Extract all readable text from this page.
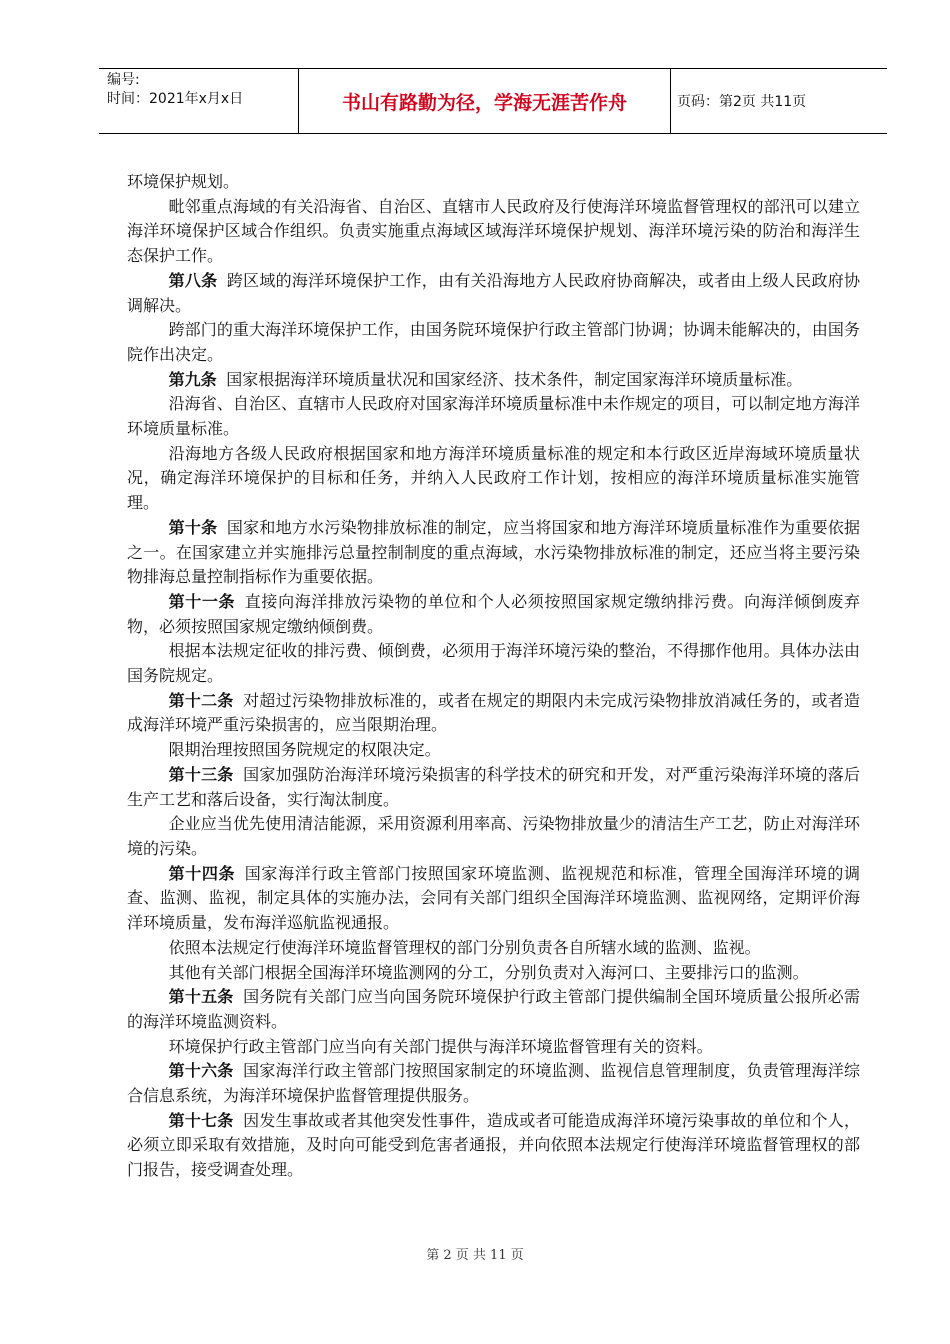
编号:
时间：2021年x月x日	书山有路勤为径，学海无涯苦作舟	页码：第2页 共11页

环境保护规划。

毗邻重点海域的有关沿海省、自治区、直辖市人民政府及行使海洋环境监督管理权的部汛可以建立海洋环境保护区域合作组织。负责实施重点海域区域海洋环境保护规划、海洋环境污染的防治和海洋生态保护工作。

第八条 跨区域的海洋环境保护工作，由有关沿海地方人民政府协商解决，或者由上级人民政府协调解决。

跨部门的重大海洋环境保护工作，由国务院环境保护行政主管部门协调；协调未能解决的，由国务院作出决定。

第九条 国家根据海洋环境质量状况和国家经济、技术条件，制定国家海洋环境质量标准。

沿海省、自治区、直辖市人民政府对国家海洋环境质量标准中未作规定的项目，可以制定地方海洋环境质量标准。

沿海地方各级人民政府根据国家和地方海洋环境质量标准的规定和本行政区近岸海域环境质量状况，确定海洋环境保护的目标和任务，并纳入人民政府工作计划，按相应的海洋环境质量标准实施管理。

第十条 国家和地方水污染物排放标准的制定，应当将国家和地方海洋环境质量标准作为重要依据之一。在国家建立并实施排污总量控制制度的重点海域，水污染物排放标准的制定，还应当将主要污染物排海总量控制指标作为重要依据。

第十一条 直接向海洋排放污染物的单位和个人必须按照国家规定缴纳排污费。向海洋倾倒废弃物，必须按照国家规定缴纳倾倒费。

根据本法规定征收的排污费、倾倒费，必须用于海洋环境污染的整治，不得挪作他用。具体办法由国务院规定。

第十二条 对超过污染物排放标准的，或者在规定的期限内未完成污染物排放消减任务的，或者造成海洋环境严重污染损害的，应当限期治理。

限期治理按照国务院规定的权限决定。

第十三条 国家加强防治海洋环境污染损害的科学技术的研究和开发，对严重污染海洋环境的落后生产工艺和落后设备，实行淘汰制度。

企业应当优先使用清洁能源，采用资源利用率高、污染物排放量少的清洁生产工艺，防止对海洋环境的污染。

第十四条 国家海洋行政主管部门按照国家环境监测、监视规范和标准，管理全国海洋环境的调查、监测、监视，制定具体的实施办法，会同有关部门组织全国海洋环境监测、监视网络，定期评价海洋环境质量，发布海洋巡航监视通报。

依照本法规定行使海洋环境监督管理权的部门分别负责各自所辖水域的监测、监视。

其他有关部门根据全国海洋环境监测网的分工，分别负责对入海河口、主要排污口的监测。

第十五条 国务院有关部门应当向国务院环境保护行政主管部门提供编制全国环境质量公报所必需的海洋环境监测资料。

环境保护行政主管部门应当向有关部门提供与海洋环境监督管理有关的资料。

第十六条 国家海洋行政主管部门按照国家制定的环境监测、监视信息管理制度，负责管理海洋综合信息系统，为海洋环境保护监督管理提供服务。

第十七条 因发生事故或者其他突发性事件，造成或者可能造成海洋环境污染事故的单位和个人，必须立即采取有效措施，及时向可能受到危害者通报，并向依照本法规定行使海洋环境监督管理权的部门报告，接受调查处理。

第 2 页 共 11 页
